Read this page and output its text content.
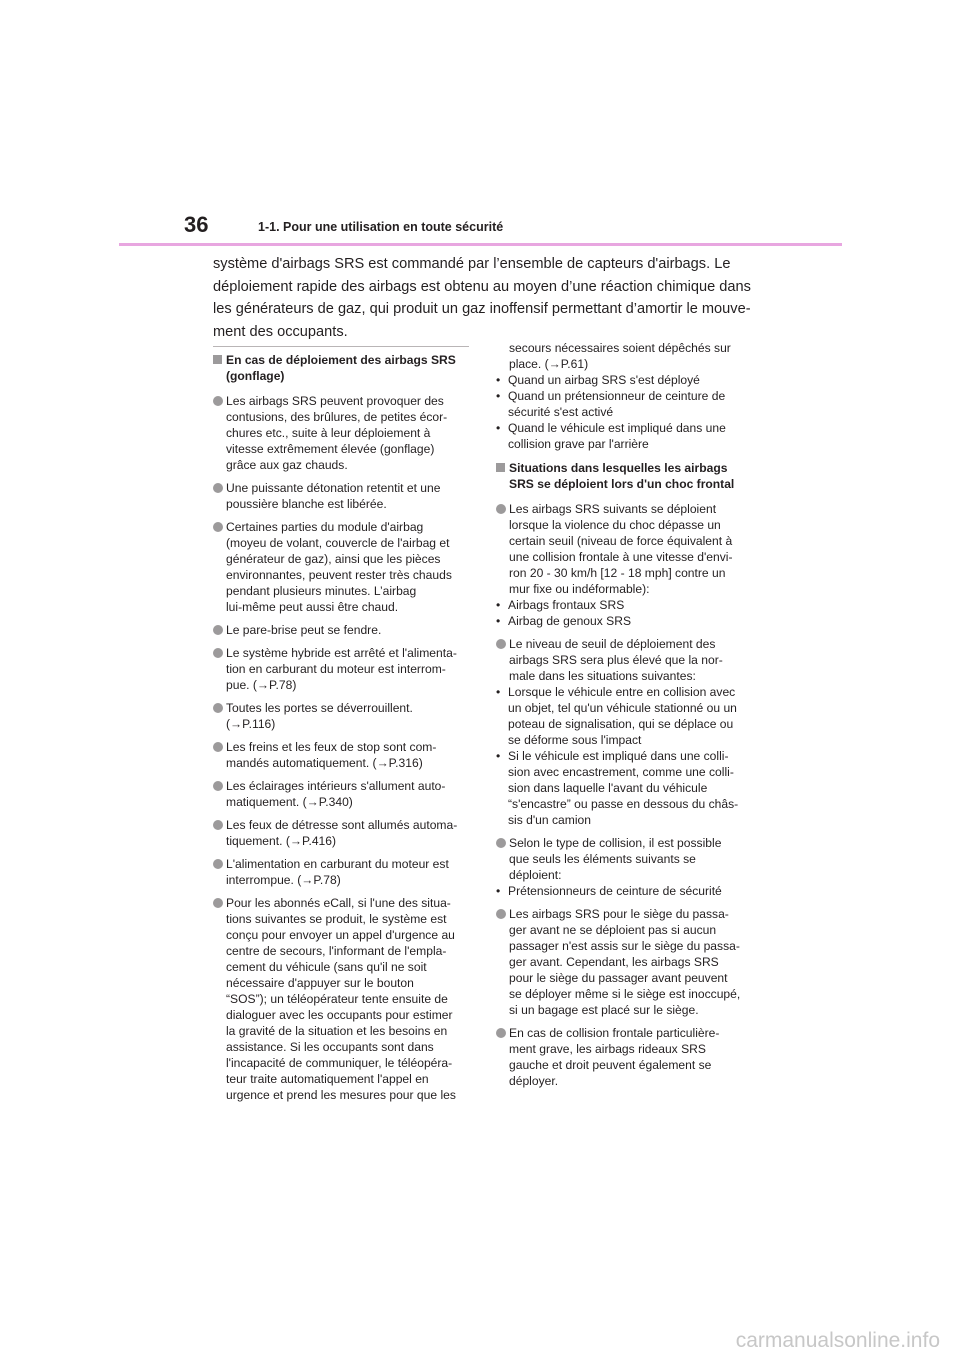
36	1-1. Pour une utilisation en toute sécurité

système d'airbags SRS est commandé par l’ensemble de capteurs d'airbags. Le
déploiement rapide des airbags est obtenu au moyen d’une réaction chimique dans
les générateurs de gaz, qui produit un gaz inoffensif permettant d’amortir le mouve-
ment des occupants.

En cas de déploiement des airbags SRS
(gonflage)
Les airbags SRS peuvent provoquer des
contusions, des brûlures, de petites écor-
chures etc., suite à leur déploiement à
vitesse extrêmement élevée (gonflage)
grâce aux gaz chauds.
Une puissante détonation retentit et une
poussière blanche est libérée.
Certaines parties du module d'airbag
(moyeu de volant, couvercle de l'airbag et
générateur de gaz), ainsi que les pièces
environnantes, peuvent rester très chauds
pendant plusieurs minutes. L’airbag
lui-même peut aussi être chaud.
Le pare-brise peut se fendre.
Le système hybride est arrêté et l'alimenta-
tion en carburant du moteur est interrom-
pue. (→P.78)
Toutes les portes se déverrouillent.
(→P.116)
Les freins et les feux de stop sont com-
mandés automatiquement. (→P.316)
Les éclairages intérieurs s'allument auto-
matiquement. (→P.340)
Les feux de détresse sont allumés automa-
tiquement. (→P.416)
L'alimentation en carburant du moteur est
interrompue. (→P.78)
Pour les abonnés eCall, si l'une des situa-
tions suivantes se produit, le système est
conçu pour envoyer un appel d'urgence au
centre de secours, l'informant de l'empla-
cement du véhicule (sans qu'il ne soit
nécessaire d'appuyer sur le bouton
“SOS”); un téléopérateur tente ensuite de
dialoguer avec les occupants pour estimer
la gravité de la situation et les besoins en
assistance. Si les occupants sont dans
l'incapacité de communiquer, le téléopéra-
teur traite automatiquement l'appel en
urgence et prend les mesures pour que les
secours nécessaires soient dépêchés sur
place. (→P.61)
• Quand un airbag SRS s'est déployé
• Quand un prétensionneur de ceinture de
sécurité s'est activé
• Quand le véhicule est impliqué dans une
collision grave par l'arrière
Situations dans lesquelles les airbags
SRS se déploient lors d'un choc frontal
Les airbags SRS suivants se déploient
lorsque la violence du choc dépasse un
certain seuil (niveau de force équivalent à
une collision frontale à une vitesse d'envi-
ron 20 - 30 km/h [12 - 18 mph] contre un
mur fixe ou indéformable):
• Airbags frontaux SRS
• Airbag de genoux SRS
Le niveau de seuil de déploiement des
airbags SRS sera plus élevé que la nor-
male dans les situations suivantes:
• Lorsque le véhicule entre en collision avec
un objet, tel qu'un véhicule stationné ou un
poteau de signalisation, qui se déplace ou
se déforme sous l'impact
• Si le véhicule est impliqué dans une colli-
sion avec encastrement, comme une colli-
sion dans laquelle l'avant du véhicule
“s'encastre” ou passe en dessous du châs-
sis d'un camion
Selon le type de collision, il est possible
que seuls les éléments suivants se
déploient:
• Prétensionneurs de ceinture de sécurité
Les airbags SRS pour le siège du passa-
ger avant ne se déploient pas si aucun
passager n'est assis sur le siège du passa-
ger avant. Cependant, les airbags SRS
pour le siège du passager avant peuvent
se déployer même si le siège est inoccupé,
si un bagage est placé sur le siège.
En cas de collision frontale particulière-
ment grave, les airbags rideaux SRS
gauche et droit peuvent également se
déployer.
carmanualsonline.info
